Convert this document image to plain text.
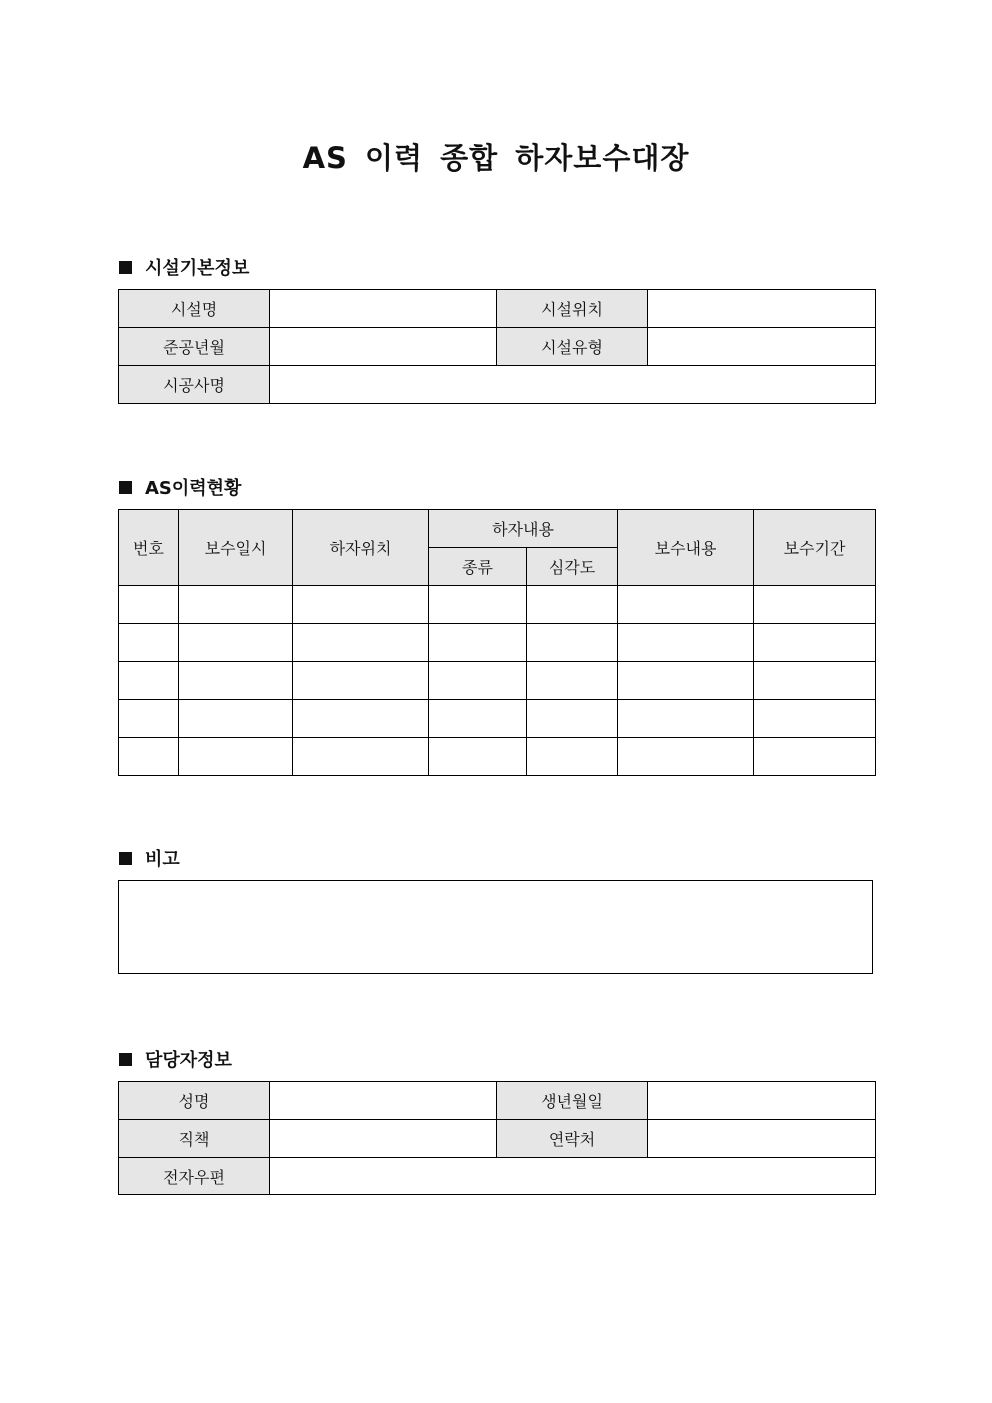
AS 이력 종합 하자보수대장
시설기본정보
시설명		시설위치	
준공년월		시설유형	
시공사명			
AS이력현황
번호	보수일시	하자위치	하자내용		보수내용	보수기간
			종류	심각도		

비고
담당자정보
성명		생년월일	
직책		연락처	
전자우편			
